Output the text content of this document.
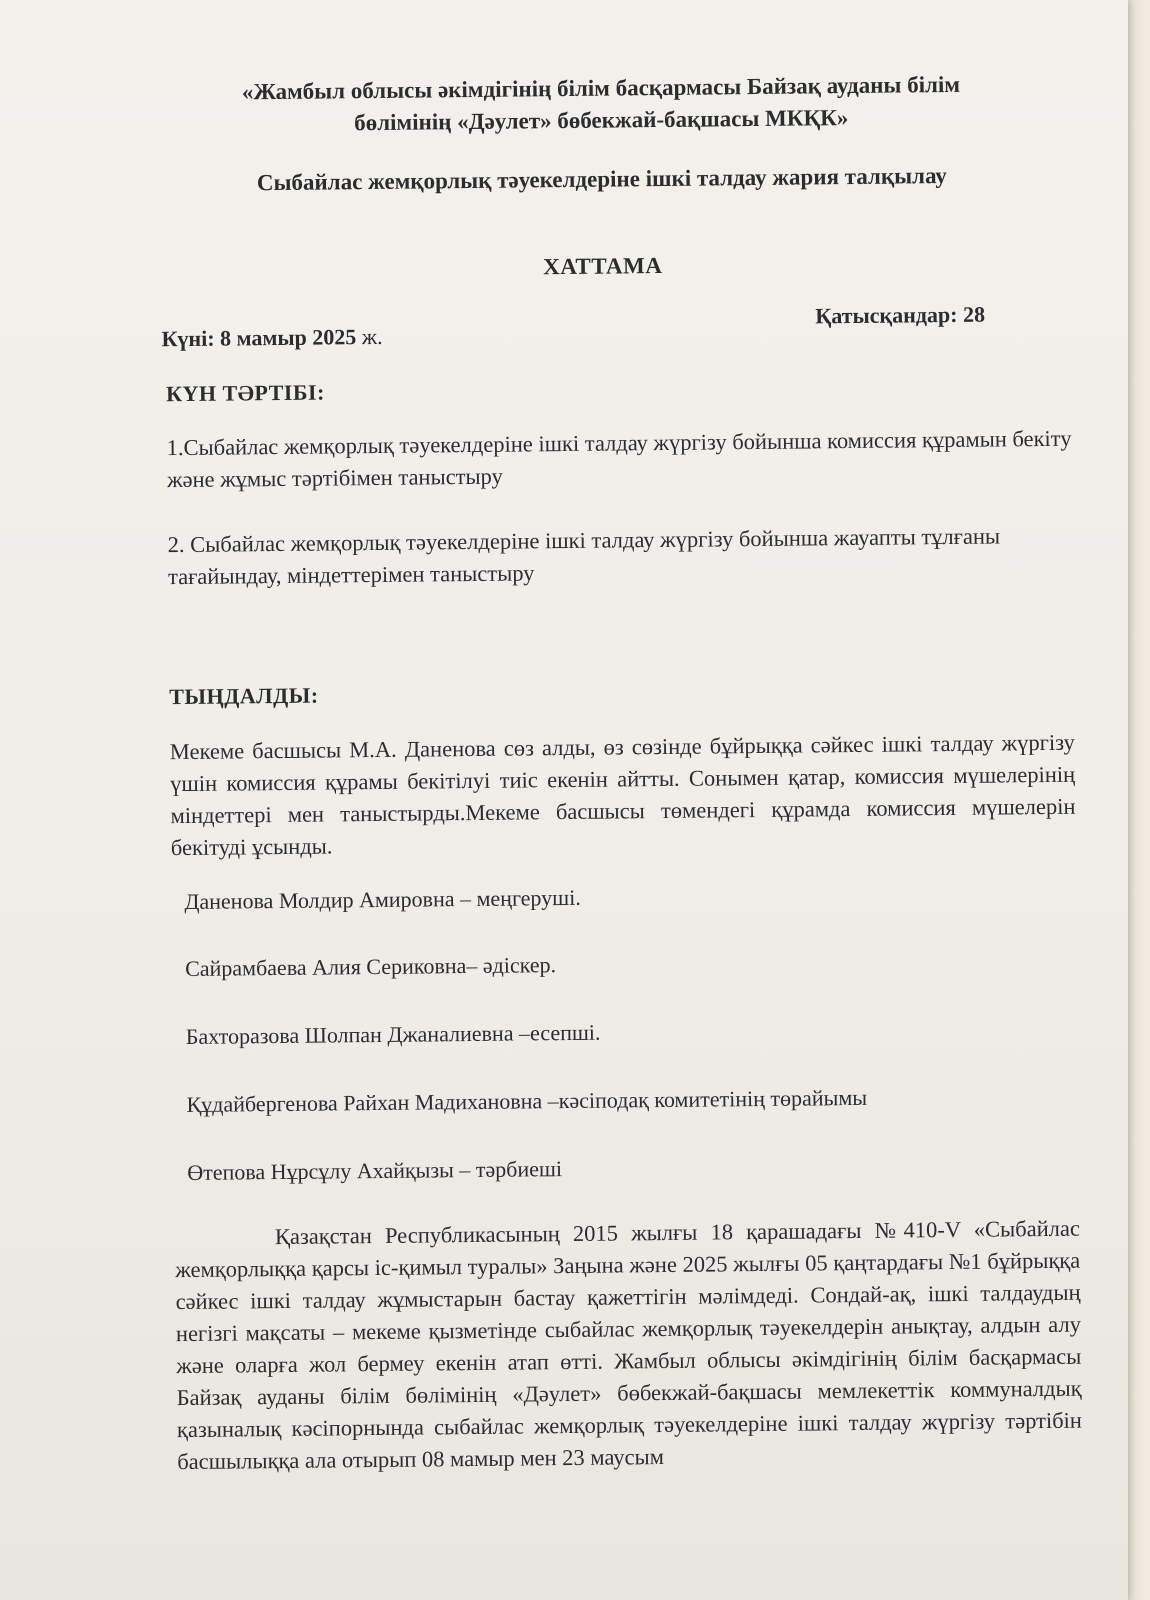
«Жамбыл облысы әкімдігінің білім басқармасы Байзақ ауданы білім
бөлімінің «Дәулет» бөбекжай-бақшасы МКҚК»
Сыбайлас жемқорлық тәуекелдеріне ішкі талдау жария талқылау
ХАТТАМА
Күні: 8 мамыр 2025 ж.
Қатысқандар: 28
КҮН ТӘРТІБІ:
1.Сыбайлас жемқорлық тәуекелдеріне ішкі талдау жүргізу бойынша комиссия құрамын бекіту және жұмыс тәртібімен таныстыру
2. Сыбайлас жемқорлық тәуекелдеріне ішкі талдау жүргізу бойынша жауапты тұлғаны тағайындау, міндеттерімен таныстыру
ТЫҢДАЛДЫ:
Мекеме басшысы М.А. Даненова сөз алды, өз сөзінде бұйрыққа сәйкес ішкі талдау жүргізу үшін комиссия құрамы бекітілуі тиіс екенін айтты. Сонымен қатар, комиссия мүшелерінің міндеттері мен таныстырды.Мекеме басшысы төмендегі құрамда комиссия мүшелерін бекітуді ұсынды.
Даненова Молдир Амировна – меңгеруші.
Сайрамбаева Алия Сериковна– әдіскер.
Бахторазова Шолпан Джаналиевна –есепші.
Құдайбергенова Райхан Мадихановна –кәсіподақ комитетінің төрайымы
Өтепова Нұрсұлу Ахайқызы – тәрбиеші
Қазақстан Республикасының 2015 жылғы 18 қарашадағы №410-V «Сыбайлас жемқорлыққа қарсы іс-қимыл туралы» Заңына және 2025 жылғы 05 қаңтардағы №1 бұйрыққа сәйкес ішкі талдау жұмыстарын бастау қажеттігін мәлімдеді. Сондай-ақ, ішкі талдаудың негізгі мақсаты – мекеме қызметінде сыбайлас жемқорлық тәуекелдерін анықтау, алдын алу және оларға жол бермеу екенін атап өтті. Жамбыл облысы әкімдігінің білім басқармасы Байзақ ауданы білім бөлімінің «Дәулет» бөбекжай-бақшасы мемлекеттік коммуналдық қазыналық кәсіпорнында сыбайлас жемқорлық тәуекелдеріне ішкі талдау жүргізу тәртібін басшылыққа ала отырып 08 мамыр мен 23 маусым
